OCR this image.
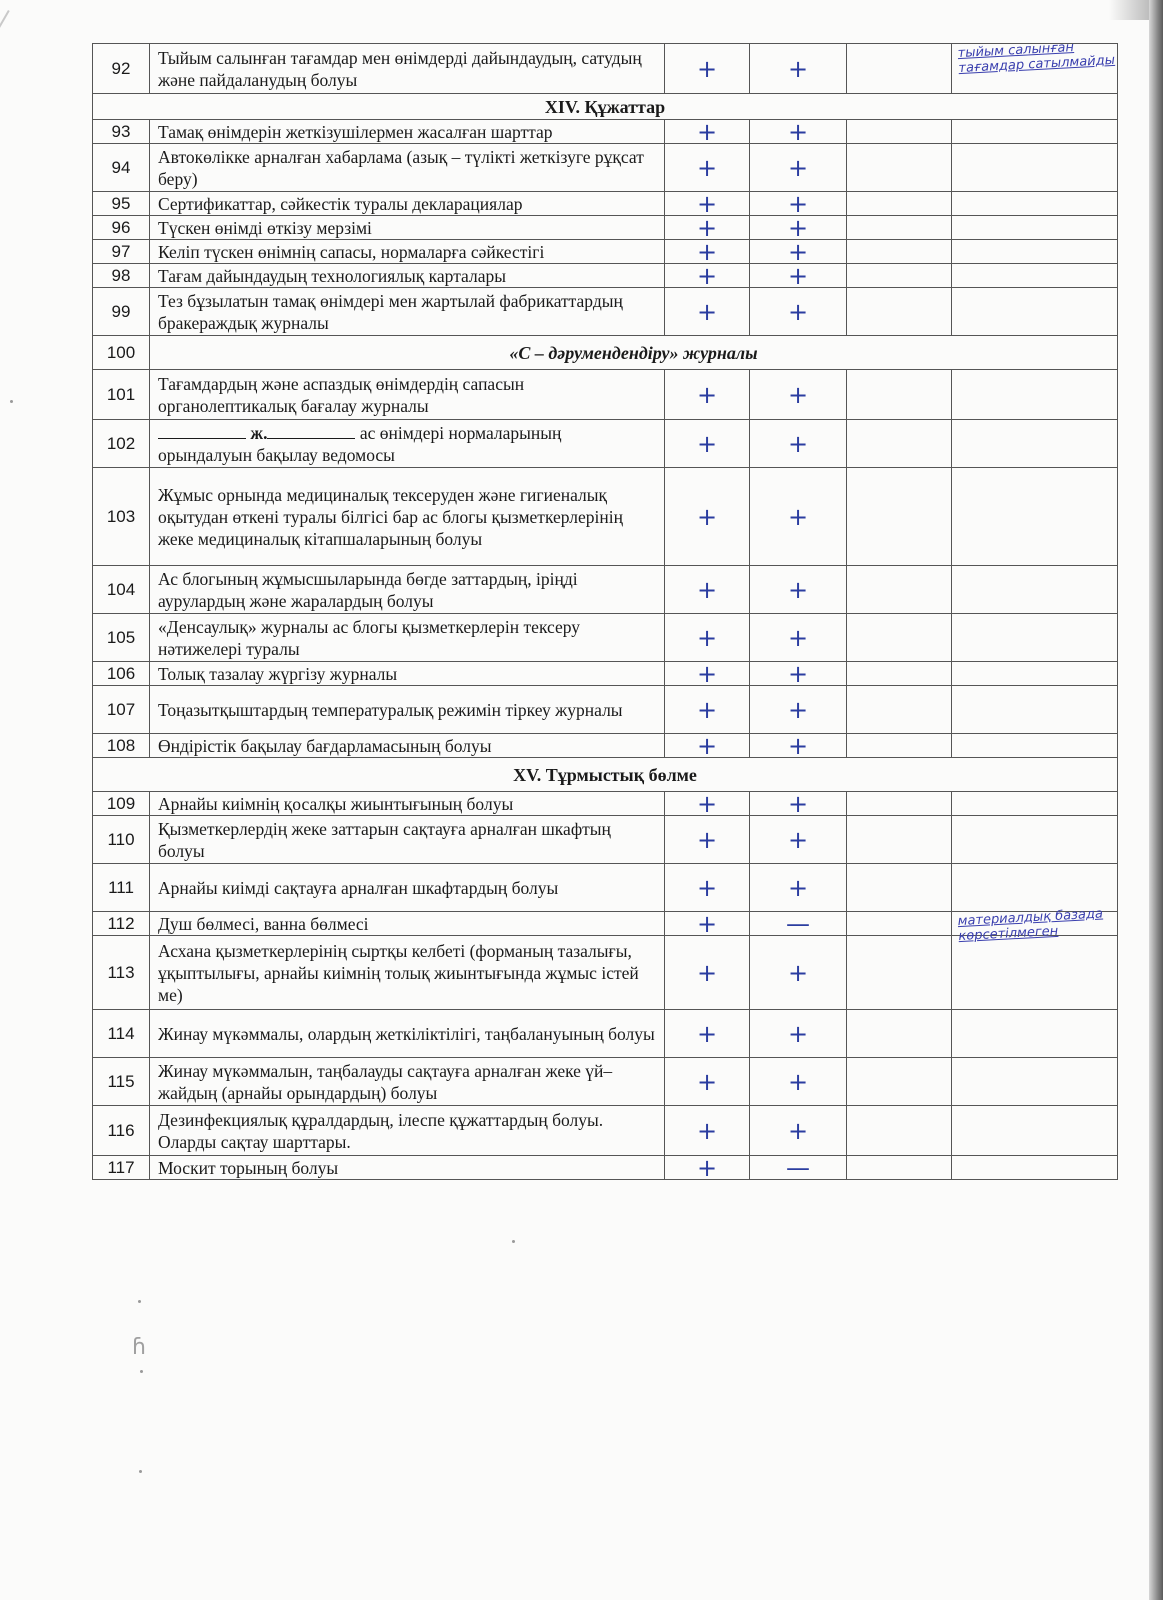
ɦ
92	Тыйым салынған тағамдар мен өнімдерді дайындаудың, сатудың және пайдаланудың болуы	+	+		тыйым салынған тағамдар сатылмайды

XIV. Құжаттар					
93	Тамақ өнімдерін жеткізушілермен жасалған шарттар	+	+		
94	Автокөлікке арналған хабарлама (азық – түлікті жеткізуге рұқсат беру)	+	+		
95	Сертификаттар, сәйкестік туралы декларациялар	+	+		
96	Түскен өнімді өткізу мерзімі	+	+		
97	Келіп түскен өнімнің сапасы, нормаларға сәйкестігі	+	+		
98	Тағам дайындаудың технологиялық карталары	+	+		
99	Тез бұзылатын тамақ өнімдері мен жартылай фабрикаттардың бракераждық журналы	+	+		
100	«С – дәрумендендіру» журналы				
101	Тағамдардың және аспаздық өнімдердің сапасын органолептикалық бағалау журналы	+	+		
102	ж. ас өнімдері нормаларының орындалуын бақылау ведомосы	+	+		
103	Жұмыс орнында медициналық тексеруден және гигиеналық оқытудан өткені туралы білгісі бар ас блогы қызметкерлерінің жеке медициналық кітапшаларының болуы	+	+		
104	Ас блогының жұмысшыларында бөгде заттардың, іріңді аурулардың және жаралардың болуы	+	+		
105	«Денсаулық» журналы ас блогы қызметкерлерін тексеру нәтижелері туралы	+	+		
106	Толық тазалау жүргізу журналы	+	+		
107	Тоңазытқыштардың температуралық режимін тіркеу журналы	+	+		
108	Өндірістік бақылау бағдарламасының болуы	+	+		
XV. Тұрмыстық бөлме					
109	Арнайы киімнің қосалқы жиынтығының болуы	+	+		
110	Қызметкерлердің жеке заттарын сақтауға арналған шкафтың болуы	+	+		
111	Арнайы киімді сақтауға арналған шкафтардың болуы	+	+		
112	Душ бөлмесі, ванна бөлмесі	+	—		материалдық базада көрсетілмеген

113	Асхана қызметкерлерінің сыртқы келбеті (форманың тазалығы, ұқыптылығы, арнайы киімнің толық жиынтығында жұмыс істей ме)	+	+		
114	Жинау мүкәммалы, олардың жеткіліктілігі, таңбалануының болуы	+	+		
115	Жинау мүкәммалын, таңбалауды сақтауға арналған жеке үй–жайдың (арнайы орындардың) болуы	+	+		
116	Дезинфекциялық құралдардың, ілеспе құжаттардың болуы. Оларды сақтау шарттары.	+	+		
117	Москит торының болуы	+	—		
